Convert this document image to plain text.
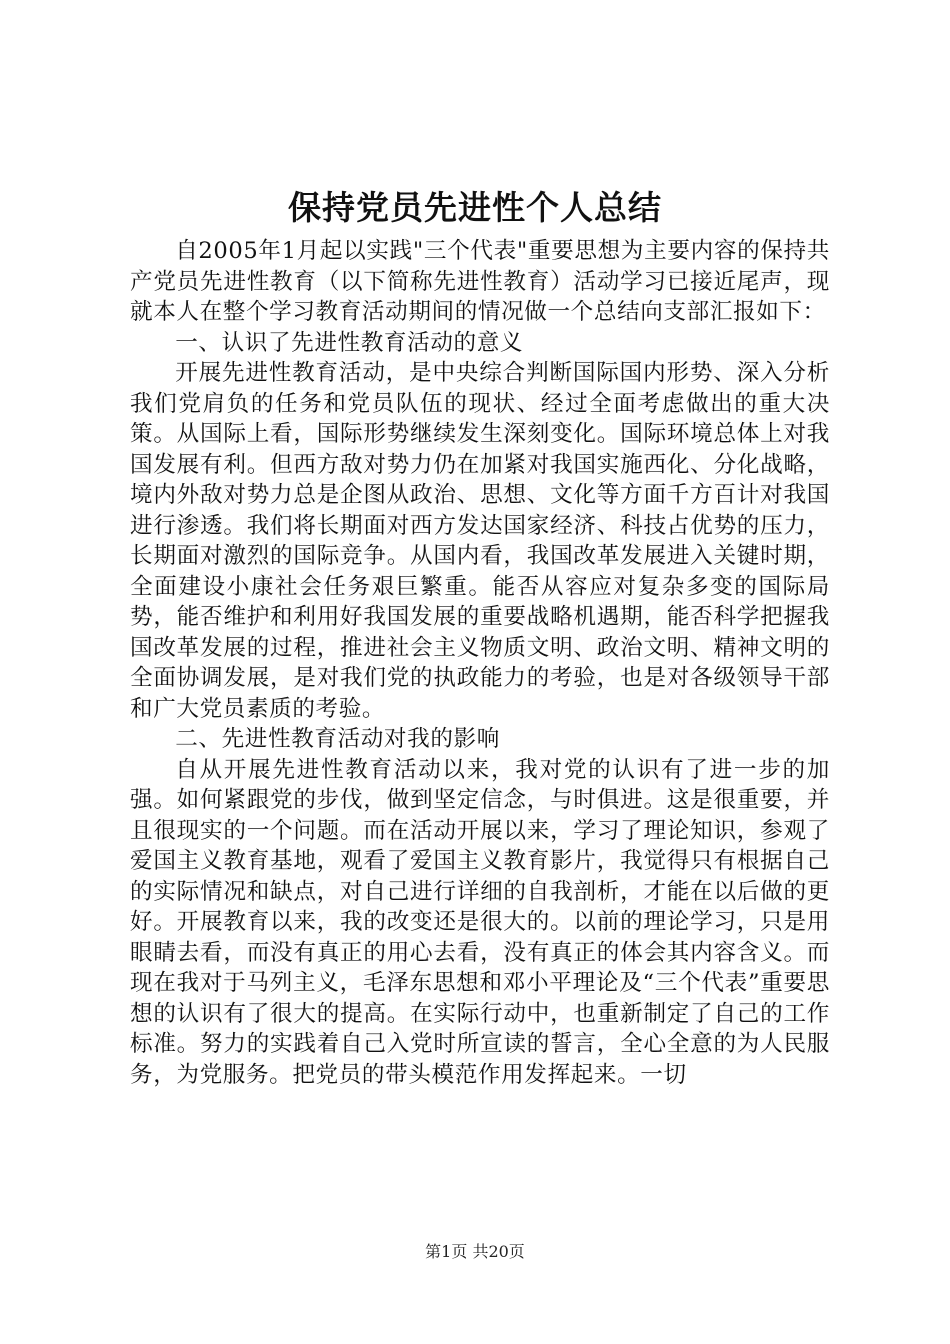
保持党员先进性个人总结

自2005年1月起以实践"三个代表"重要思想为主要内容的保持共产党员先进性教育（以下简称先进性教育）活动学习已接近尾声，现就本人在整个学习教育活动期间的情况做一个总结向支部汇报如下：

一、认识了先进性教育活动的意义

开展先进性教育活动，是中央综合判断国际国内形势、深入分析我们党肩负的任务和党员队伍的现状、经过全面考虑做出的重大决策。从国际上看，国际形势继续发生深刻变化。国际环境总体上对我国发展有利。但西方敌对势力仍在加紧对我国实施西化、分化战略，境内外敌对势力总是企图从政治、思想、文化等方面千方百计对我国进行渗透。我们将长期面对西方发达国家经济、科技占优势的压力，长期面对激烈的国际竞争。从国内看，我国改革发展进入关键时期，全面建设小康社会任务艰巨繁重。能否从容应对复杂多变的国际局势，能否维护和利用好我国发展的重要战略机遇期，能否科学把握我国改革发展的过程，推进社会主义物质文明、政治文明、精神文明的全面协调发展，是对我们党的执政能力的考验，也是对各级领导干部和广大党员素质的考验。

二、先进性教育活动对我的影响

自从开展先进性教育活动以来，我对党的认识有了进一步的加强。如何紧跟党的步伐，做到坚定信念，与时俱进。这是很重要，并且很现实的一个问题。而在活动开展以来，学习了理论知识，参观了爱国主义教育基地，观看了爱国主义教育影片，我觉得只有根据自己的实际情况和缺点，对自己进行详细的自我剖析，才能在以后做的更好。开展教育以来，我的改变还是很大的。以前的理论学习，只是用眼睛去看，而没有真正的用心去看，没有真正的体会其内容含义。而现在我对于马列主义，毛泽东思想和邓小平理论及“三个代表”重要思想的认识有了很大的提高。在实际行动中，也重新制定了自己的工作标准。努力的实践着自己入党时所宣读的誓言，全心全意的为人民服务，为党服务。把党员的带头模范作用发挥起来。一切

第1页 共20页
